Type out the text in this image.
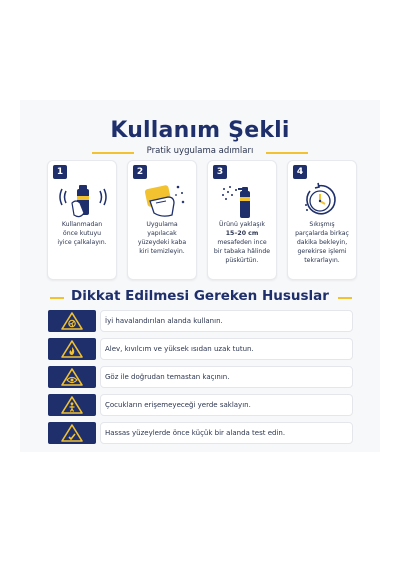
Kullanım Şekli
Pratik uygulama adımları
1
Kullanmadan
önce kutuyu
iyice çalkalayın.
2
Uygulama
yapılacak
yüzeydeki kaba
kiri temizleyin.
3
Ürünü yaklaşık
15–20 cm
mesafeden ince
bir tabaka hâlinde
püskürtün.
4
Sıkışmış
parçalarda birkaç
dakika bekleyin,
gerekirse işlemi
tekrarlayın.
Dikkat Edilmesi Gereken Hususlar
İyi havalandırılan alanda kullanın.
Alev, kıvılcım ve yüksek ısıdan uzak tutun.
Göz ile doğrudan temastan kaçının.
Çocukların erişemeyeceği yerde saklayın.
Hassas yüzeylerde önce küçük bir alanda test edin.
